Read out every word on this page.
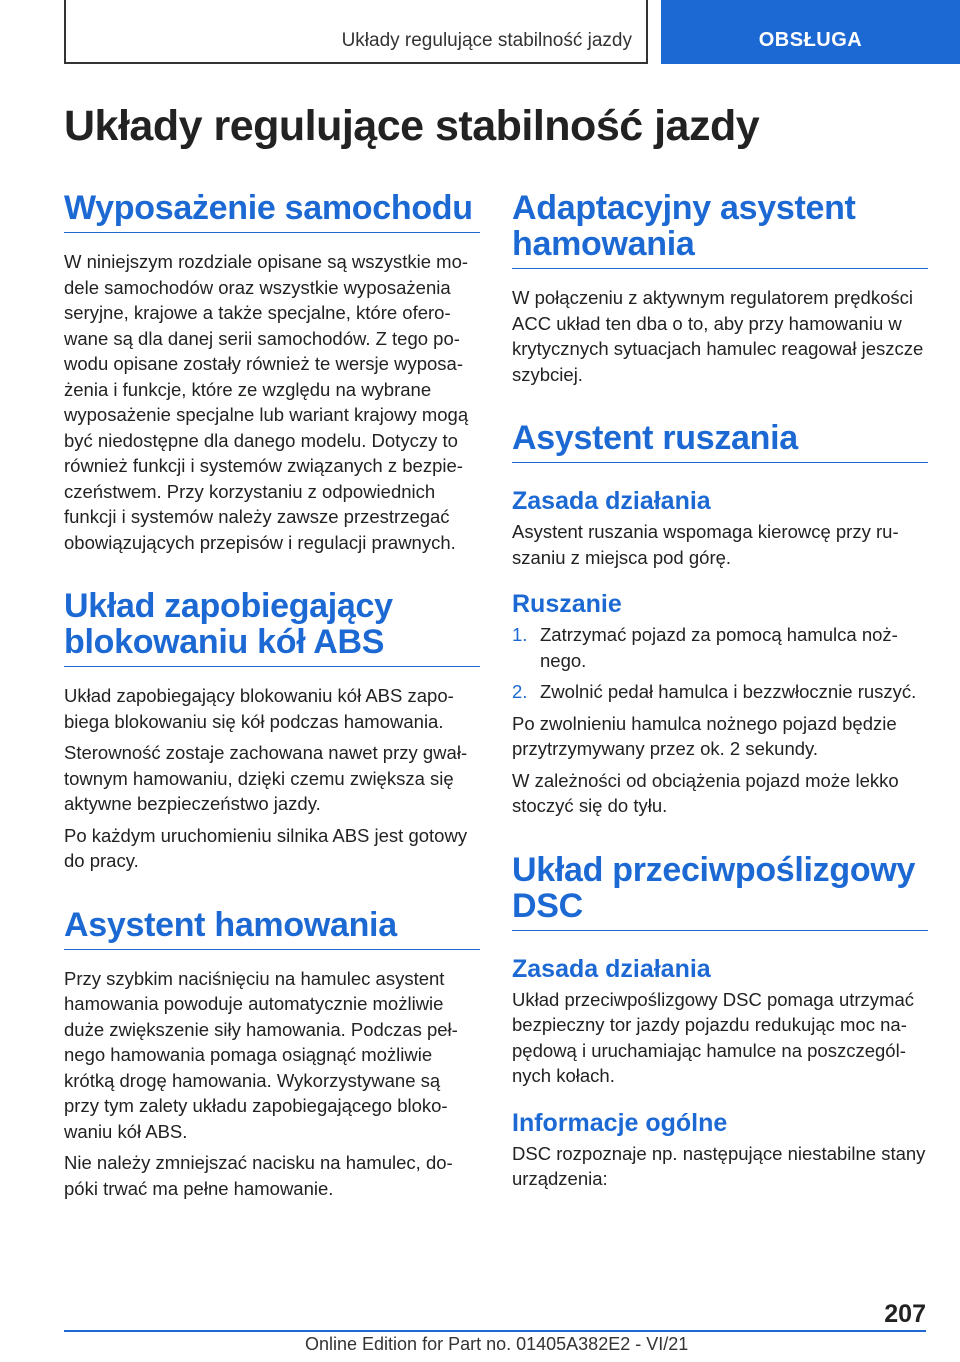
Układy regulujące stabilność jazdy	OBSŁUGA
Układy regulujące stabilność jazdy
Wyposażenie samochodu

W niniejszym rozdziale opisane są wszystkie modele samochodów oraz wszystkie wyposażenia seryjne, krajowe a także specjalne, które oferowane są dla danej serii samochodów. Z tego powodu opisane zostały również te wersje wyposażenia i funkcje, które ze względu na wybrane wyposażenie specjalne lub wariant krajowy mogą być niedostępne dla danego modelu. Dotyczy to również funkcji i systemów związanych z bezpieczeństwem. Przy korzystaniu z odpowiednich funkcji i systemów należy zawsze przestrzegać obowiązujących przepisów i regulacji prawnych.

Układ zapobiegający blokowaniu kół ABS

Układ zapobiegający blokowaniu kół ABS zapobiega blokowaniu się kół podczas hamowania.

Sterowność zostaje zachowana nawet przy gwałtownym hamowaniu, dzięki czemu zwiększa się aktywne bezpieczeństwo jazdy.

Po każdym uruchomieniu silnika ABS jest gotowy do pracy.

Asystent hamowania

Przy szybkim naciśnięciu na hamulec asystent hamowania powoduje automatycznie możliwie duże zwiększenie siły hamowania. Podczas pełnego hamowania pomaga osiągnąć możliwie krótką drogę hamowania. Wykorzystywane są przy tym zalety układu zapobiegającego blokowaniu kół ABS.

Nie należy zmniejszać nacisku na hamulec, dopóki trwać ma pełne hamowanie.

Adaptacyjny asystent hamowania

W połączeniu z aktywnym regulatorem prędkości ACC układ ten dba o to, aby przy hamowaniu w krytycznych sytuacjach hamulec reagował jeszcze szybciej.

Asystent ruszania
Zasada działania

Asystent ruszania wspomaga kierowcę przy ruszaniu z miejsca pod górę.

Ruszanie
1. Zatrzymać pojazd za pomocą hamulca nożnego.
2. Zwolnić pedał hamulca i bezzwłocznie ruszyć.

Po zwolnieniu hamulca nożnego pojazd będzie przytrzymywany przez ok. 2 sekundy.

W zależności od obciążenia pojazd może lekko stoczyć się do tyłu.

Układ przeciwpoślizgowy DSC
Zasada działania

Układ przeciwpoślizgowy DSC pomaga utrzymać bezpieczny tor jazdy pojazdu redukując moc napędową i uruchamiając hamulce na poszczególnych kołach.

Informacje ogólne

DSC rozpoznaje np. następujące niestabilne stany urządzenia:

207
Online Edition for Part no. 01405A382E2 - VI/21
